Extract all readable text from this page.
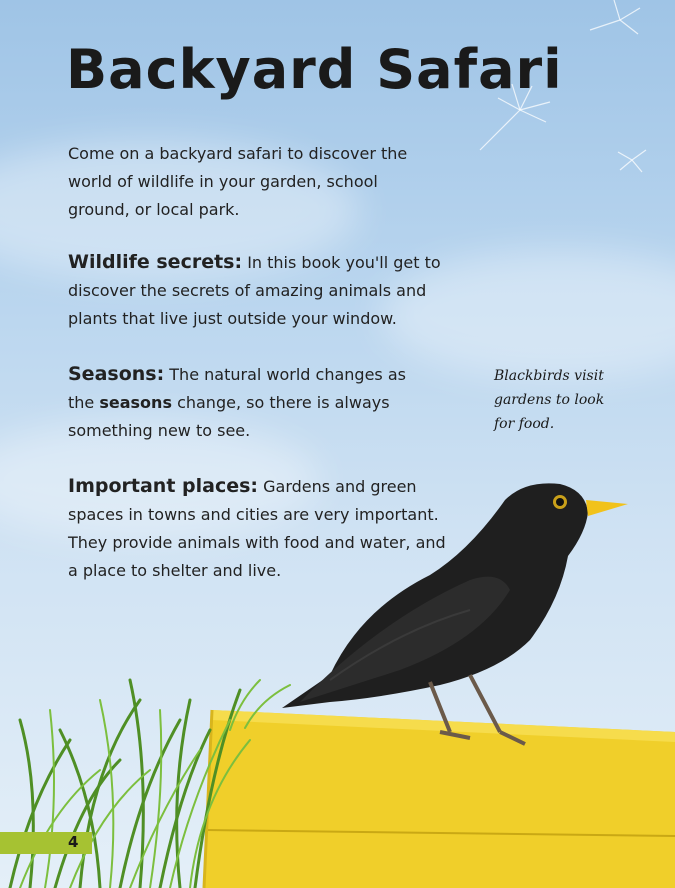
Backyard Safari

Come on a backyard safari to discover the world of wildlife in your garden, school ground, or local park.

Wildlife secrets: In this book you'll get to discover the secrets of amazing animals and plants that live just outside your window.

Seasons: The natural world changes as the seasons change, so there is always something new to see.

Important places: Gardens and green spaces in towns and cities are very important. They provide animals with food and water, and a place to shelter and live.

Blackbirds visit gardens to look for food.

4
